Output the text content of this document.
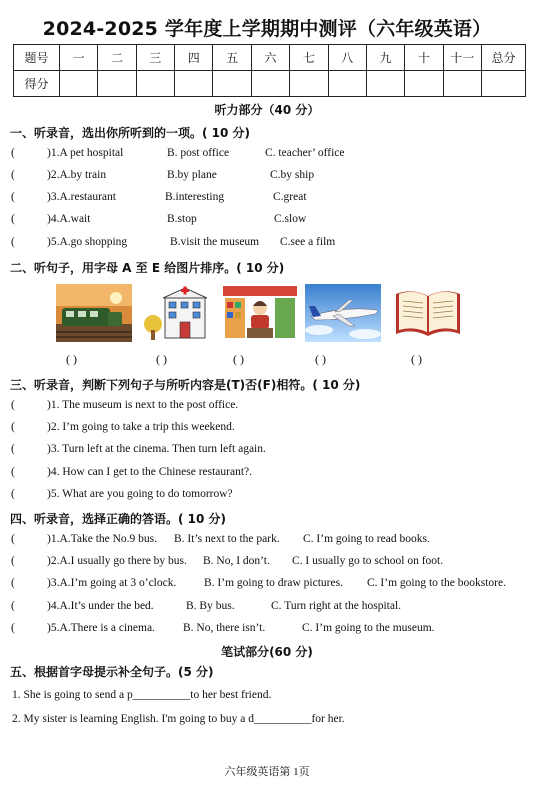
2024-2025 学年度上学期期中测评（六年级英语）
题号	一	二	三	四	五	六	七	八	九	十	十一	总分
得分												
听力部分（40 分）
一、听录音，选出你所听到的一项。( 10 分)
(	)1.A pet hospital	B. post office	C. teacher’ office
(	)2.A.by train	B.by plane	C.by ship
(	)3.A.restaurant	B.interesting	C.great
(	)4.A.wait	B.stop	C.slow
(	)5.A.go shopping	B.visit the museum C.see a film
二、听句子，用字母 A 至 E 给图片排序。( 10 分)
( )	( )	( )	( )	( )
三、听录音，判断下列句子与所听内容是(T)否(F)相符。( 10 分)
(	)1. The museum is next to the post office.
(	)2. I’m going to take a trip this weekend.
(	)3. Turn left at the cinema. Then turn left again.
(	)4. How can I get to the Chinese restaurant?.
(	)5. What are you going to do tomorrow?
四、听录音，选择正确的答语。( 10 分)
(	)1.A.Take the No.9 bus. B. It’s next to the park. C. I’m going to read books.
(	)2.A.I usually go there by bus. B. No, I don’t. C. I usually go to school on foot.
(	)3.A.I’m going at 3 o’clock. B. I’m going to draw pictures. C. I’m going to the bookstore.
(	)4.A.It’s under the bed.	B. By bus.	C. Turn right at the hospital.
(	)5.A.There is a cinema. B. No, there isn’t.	C. I’m going to the museum.
笔试部分(60 分)
五、根据首字母提示补全句子。(5 分)
1. She is going to send a p__________to her best friend.
2. My sister is learning English. I'm going to buy a d__________for her.
六年级英语第 1页
